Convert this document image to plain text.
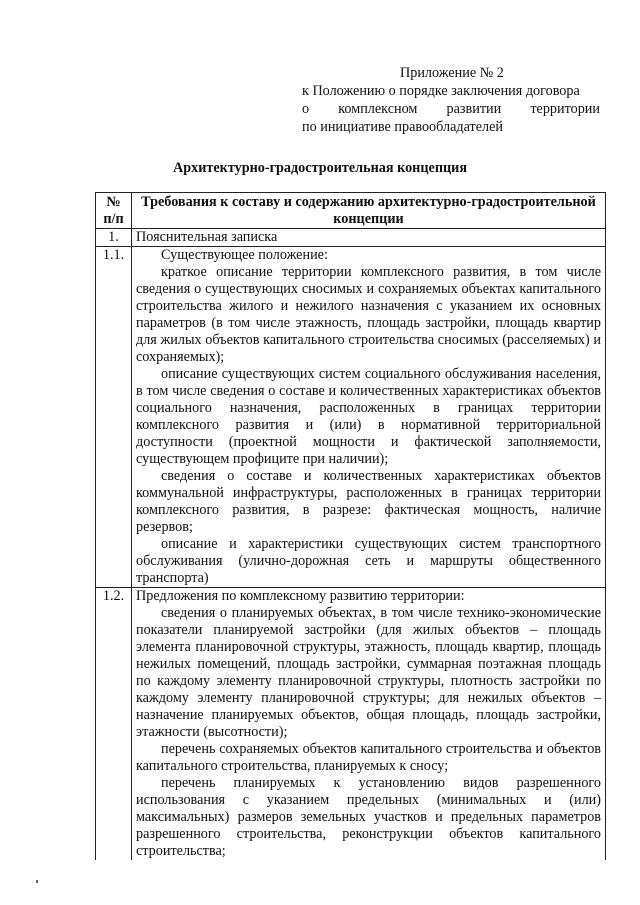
Приложение № 2
к Положению о порядке заключения договора
о комплексном развитии территории
по инициативе правообладателей
Архитектурно-градостроительная концепция
№ п/п	Требования к составу и содержанию архитектурно-градостроительной концепции
1.	Пояснительная записка

1.1.	Существующее положение:
краткое описание территории комплексного развития, в том числе сведения о существующих сносимых и сохраняемых объектах капитального строительства жилого и нежилого назначения с указанием их основных параметров (в том числе этажность, площадь застройки, площадь квартир для жилых объектов капитального строительства сносимых (расселяемых) и сохраняемых);
описание существующих систем социального обслуживания населения, в том числе сведения о составе и количественных характеристиках объектов социального назначения, расположенных в границах территории комплексного развития и (или) в нормативной территориальной доступности (проектной мощности и фактической заполняемости, существующем профиците при наличии);
сведения о составе и количественных характеристиках объектов коммунальной инфраструктуры, расположенных в границах территории комплексного развития, в разрезе: фактическая мощность, наличие резервов;
описание и характеристики существующих систем транспортного обслуживания (улично-дорожная сеть и маршруты общественного транспорта)

1.2.	Предложения по комплексному развитию территории:
сведения о планируемых объектах, в том числе технико-экономические показатели планируемой застройки (для жилых объектов – площадь элемента планировочной структуры, этажность, площадь квартир, площадь нежилых помещений, площадь застройки, суммарная поэтажная площадь по каждому элементу планировочной структуры, плотность застройки по каждому элементу планировочной структуры; для нежилых объектов – назначение планируемых объектов, общая площадь, площадь застройки, этажности (высотности);
перечень сохраняемых объектов капитального строительства и объектов капитального строительства, планируемых к сносу;
перечень планируемых к установлению видов разрешенного использования с указанием предельных (минимальных и (или) максимальных) размеров земельных участков и предельных параметров разрешенного строительства, реконструкции объектов капитального строительства;
